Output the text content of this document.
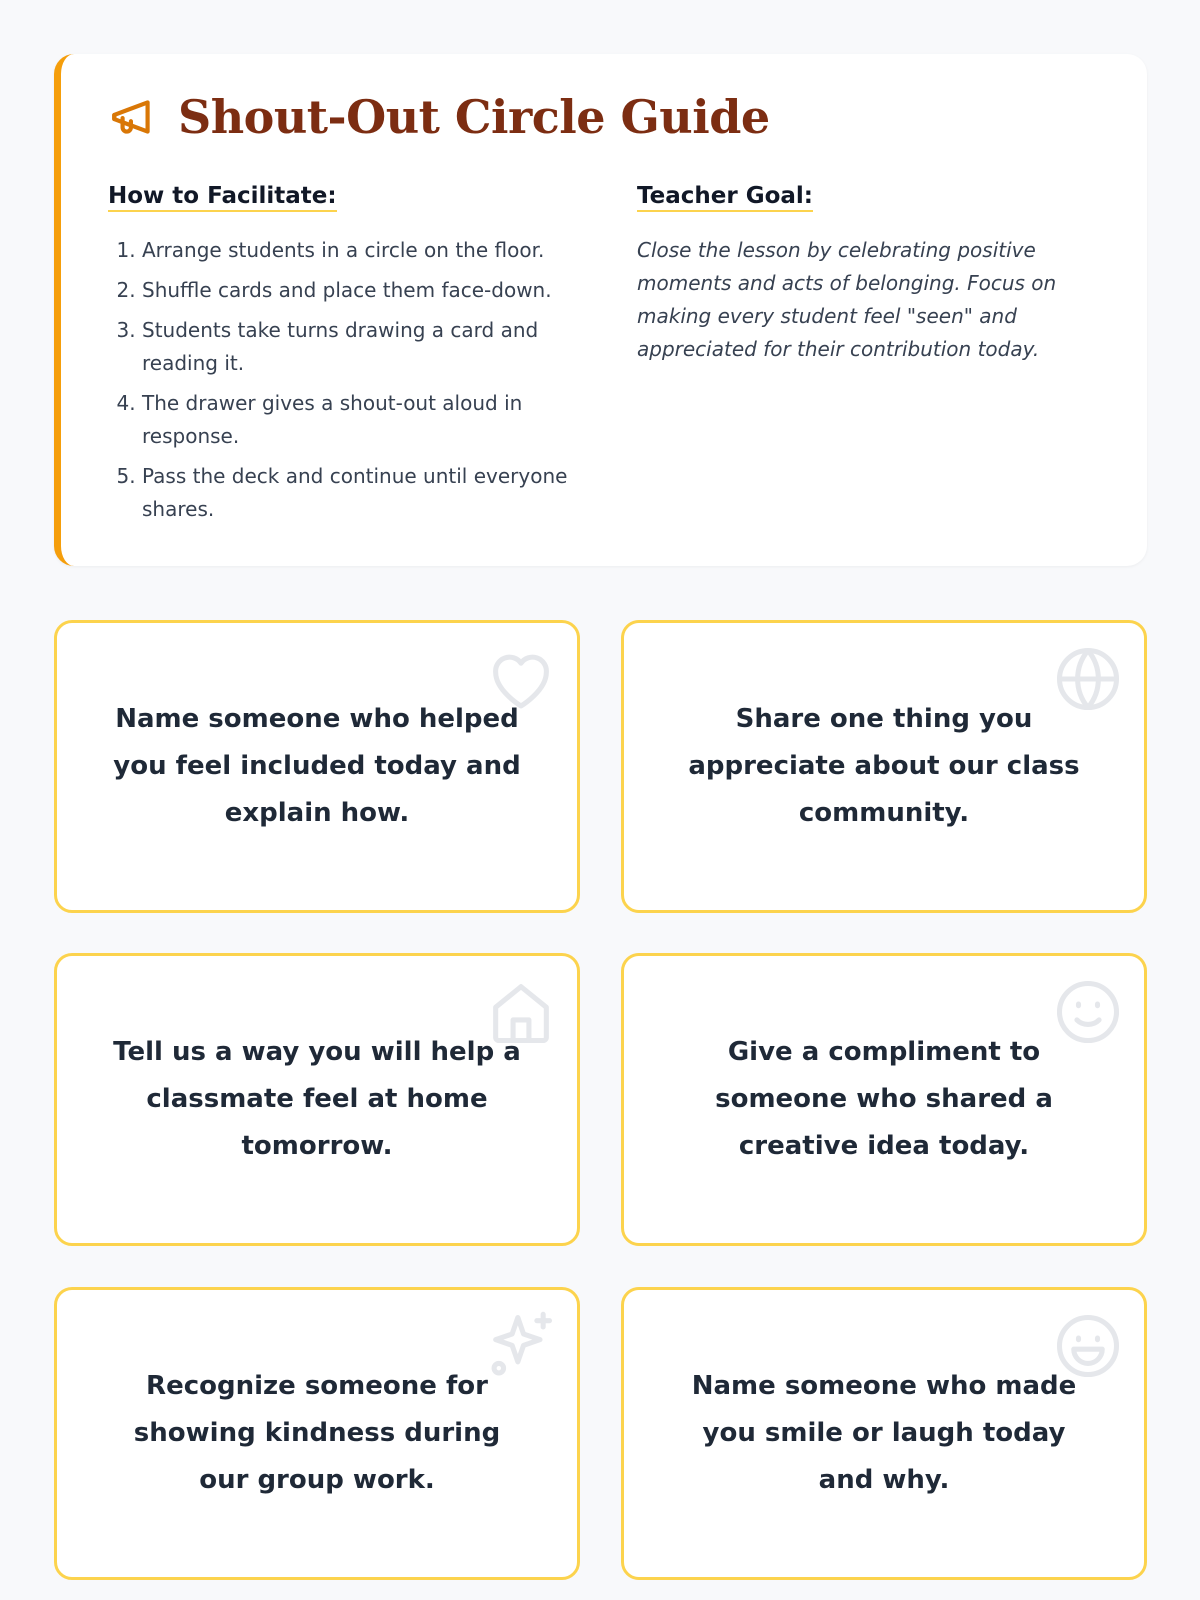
Shout-Out Circle Guide
How to Facilitate:
1. Arrange students in a circle on the floor.
2. Shuffle cards and place them face-down.
3. Students take turns drawing a card and reading it.
4. The drawer gives a shout-out aloud in response.
5. Pass the deck and continue until everyone shares.
Teacher Goal:
Close the lesson by celebrating positive moments and acts of belonging. Focus on making every student feel "seen" and appreciated for their contribution today.
Name someone who helped you feel included today and explain how.
Share one thing you appreciate about our class community.
Tell us a way you will help a classmate feel at home tomorrow.
Give a compliment to someone who shared a creative idea today.
Recognize someone for showing kindness during our group work.
Name someone who made you smile or laugh today and why.
